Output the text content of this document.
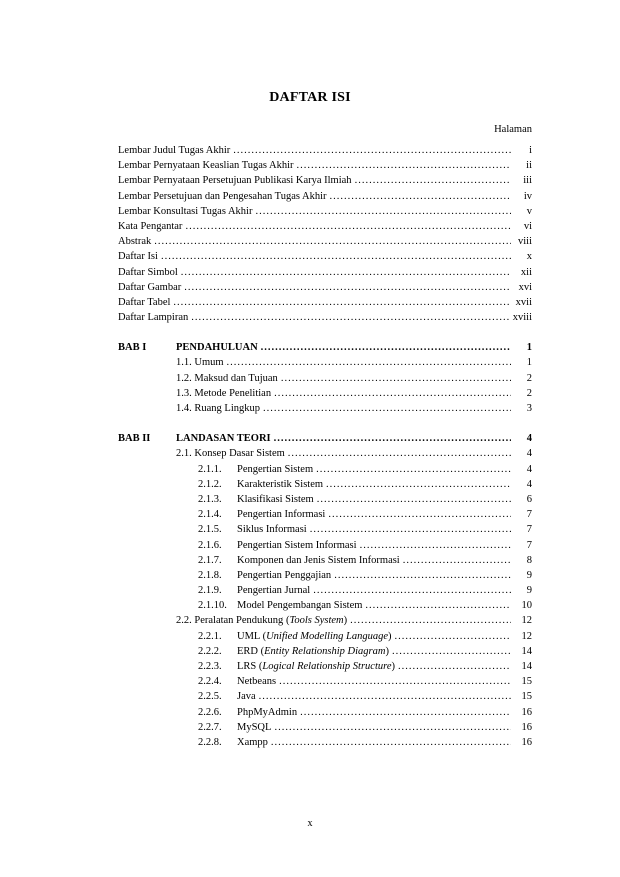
DAFTAR ISI
Halaman
Lembar Judul Tugas Akhir .....	i
Lembar Pernyataan Keaslian Tugas Akhir .....	ii
Lembar Pernyataan Persetujuan Publikasi Karya Ilmiah .....	iii
Lembar Persetujuan dan Pengesahan Tugas Akhir .....	iv
Lembar Konsultasi Tugas Akhir .....	v
Kata Pengantar .....	vi
Abstrak .....	viii
Daftar Isi .....	x
Daftar Simbol .....	xii
Daftar Gambar .....	xvi
Daftar Tabel .....	xvii
Daftar Lampiran .....	xviii
BAB I	PENDAHULUAN .....	1
1.1. Umum .....	1
1.2. Maksud dan Tujuan .....	2
1.3. Metode Penelitian .....	2
1.4. Ruang Lingkup .....	3
BAB II	LANDASAN TEORI .....	4
2.1. Konsep Dasar Sistem .....	4
2.1.1. Pengertian Sistem .....	4
2.1.2. Karakteristik Sistem .....	4
2.1.3. Klasifikasi Sistem .....	6
2.1.4. Pengertian Informasi .....	7
2.1.5. Siklus Informasi .....	7
2.1.6. Pengertian Sistem Informasi .....	7
2.1.7. Komponen dan Jenis Sistem Informasi .....	8
2.1.8. Pengertian Penggajian .....	9
2.1.9. Pengertian Jurnal .....	9
2.1.10. Model Pengembangan Sistem .....	10
2.2. Peralatan Pendukung (Tools System) .....	12
2.2.1. UML (Unified Modelling Language) .....	12
2.2.2. ERD (Entity Relationship Diagram) .....	14
2.2.3. LRS (Logical Relationship Structure) .....	14
2.2.4. Netbeans .....	15
2.2.5. Java .....	15
2.2.6. PhpMyAdmin .....	16
2.2.7. MySQL .....	16
2.2.8. Xampp .....	16
x
